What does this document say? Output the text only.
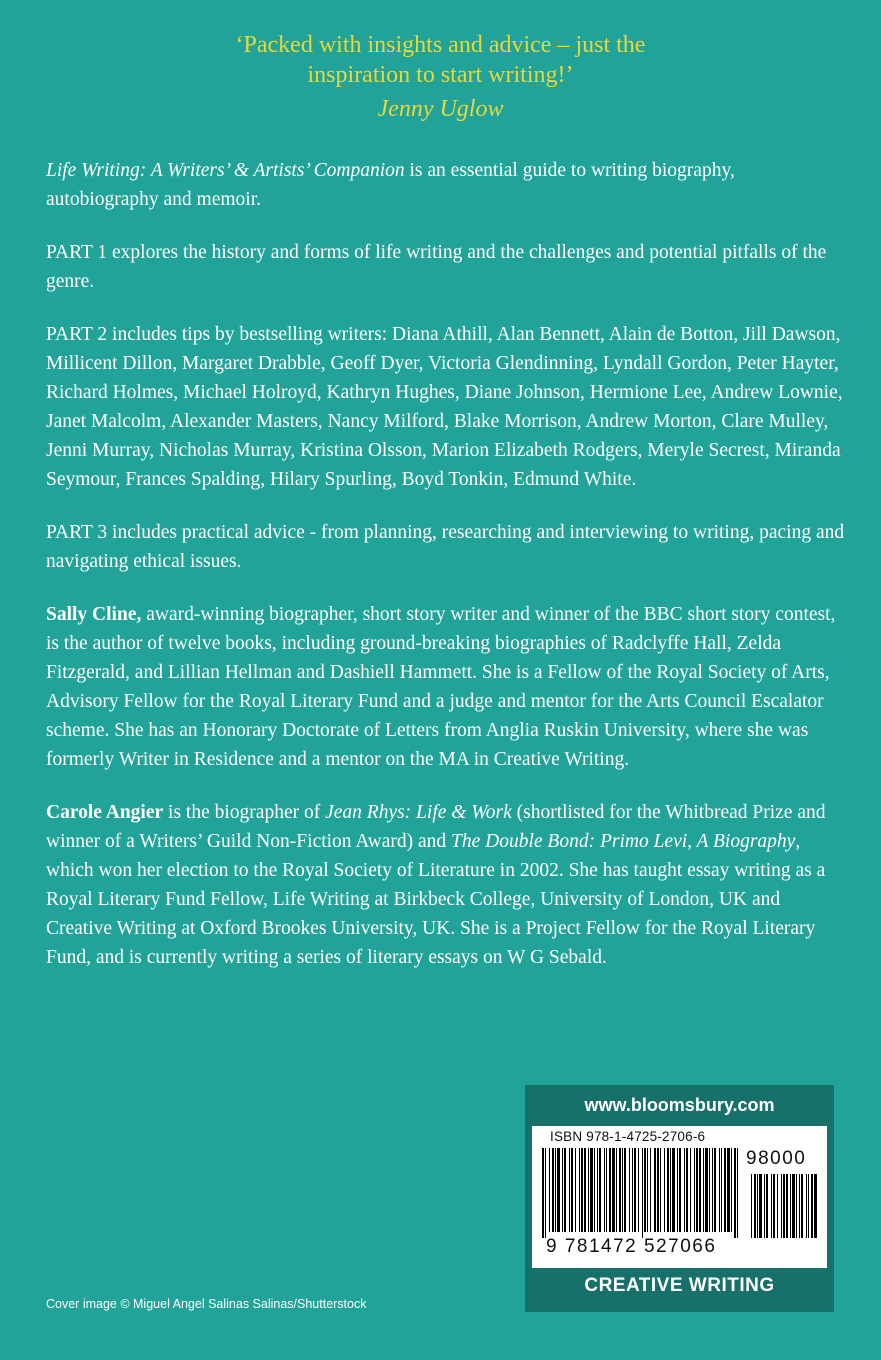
‘Packed with insights and advice – just the
inspiration to start writing!’
Jenny Uglow

Life Writing: A Writers’ & Artists’ Companion is an essential guide to writing biography, autobiography and memoir.

PART 1 explores the history and forms of life writing and the challenges and potential pitfalls of the genre.

PART 2 includes tips by bestselling writers: Diana Athill, Alan Bennett, Alain de Botton, Jill Dawson, Millicent Dillon, Margaret Drabble, Geoff Dyer, Victoria Glendinning, Lyndall Gordon, Peter Hayter, Richard Holmes, Michael Holroyd, Kathryn Hughes, Diane Johnson, Hermione Lee, Andrew Lownie, Janet Malcolm, Alexander Masters, Nancy Milford, Blake Morrison, Andrew Morton, Clare Mulley, Jenni Murray, Nicholas Murray, Kristina Olsson, Marion Elizabeth Rodgers, Meryle Secrest, Miranda Seymour, Frances Spalding, Hilary Spurling, Boyd Tonkin, Edmund White.

PART 3 includes practical advice - from planning, researching and interviewing to writing, pacing and navigating ethical issues.

Sally Cline, award-winning biographer, short story writer and winner of the BBC short story contest, is the author of twelve books, including ground-breaking biographies of Radclyffe Hall, Zelda Fitzgerald, and Lillian Hellman and Dashiell Hammett. She is a Fellow of the Royal Society of Arts, Advisory Fellow for the Royal Literary Fund and a judge and mentor for the Arts Council Escalator scheme. She has an Honorary Doctorate of Letters from Anglia Ruskin University, where she was formerly Writer in Residence and a mentor on the MA in Creative Writing.

Carole Angier is the biographer of Jean Rhys: Life & Work (shortlisted for the Whitbread Prize and winner of a Writers’ Guild Non-Fiction Award) and The Double Bond: Primo Levi, A Biography, which won her election to the Royal Society of Literature in 2002. She has taught essay writing as a Royal Literary Fund Fellow, Life Writing at Birkbeck College, University of London, UK and Creative Writing at Oxford Brookes University, UK. She is a Project Fellow for the Royal Literary Fund, and is currently writing a series of literary essays on W G Sebald.

www.bloomsbury.com
ISBN 978-1-4725-2706-6
98000
9 781472 527066
CREATIVE WRITING
Cover image © Miguel Angel Salinas Salinas/Shutterstock
